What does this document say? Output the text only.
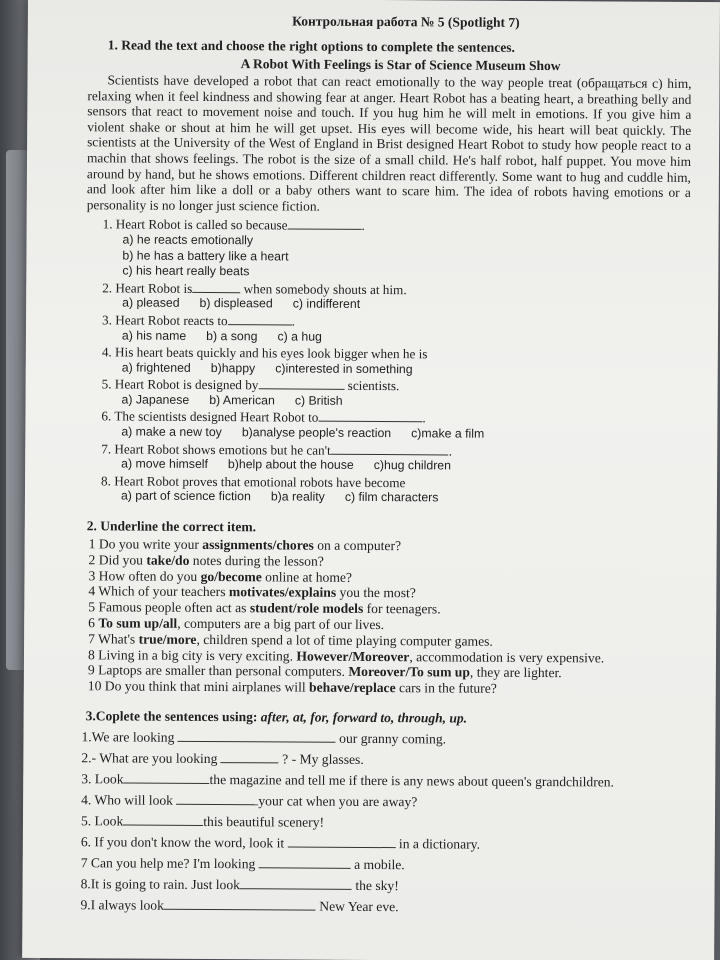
Контрольная работа № 5 (Spotlight 7)
1. Read the text and choose the right options to complete the sentences.
A Robot With Feelings is Star of Science Museum Show
Scientists have developed a robot that can react emotionally to the way people treat (обращаться с) him, relaxing when it feel kindness and showing fear at anger. Heart Robot has a beating heart, a breathing belly and sensors that react to movement noise and touch. If you hug him he will melt in emotions. If you give him a violent shake or shout at him he will get upset. His eyes will become wide, his heart will beat quickly. The scientists at the University of the West of England in Brist designed Heart Robot to study how people react to a machin that shows feelings. The robot is the size of a small child. He's half robot, half puppet. You move him around by hand, but he shows emotions. Different children react differently. Some want to hug and cuddle him, and look after him like a doll or a baby others want to scare him. The idea of robots having emotions or a personality is no longer just science fiction.
1. Heart Robot is called so because	.
a) he reacts emotionally
b) he has a battery like a heart
c) his heart really beats
2. Heart Robot is	when somebody shouts at him.
a) pleased b) displeased c) indifferent
3. Heart Robot reacts to	.
a) his name b) a song c) a hug
4. His heart beats quickly and his eyes look bigger when he is
a) frightened b)happy c)interested in something
5. Heart Robot is designed by	scientists.
a) Japanese b) American c) British
6. The scientists designed Heart Robot to	.
a) make a new toy b)analyse people's reaction c)make a film
7. Heart Robot shows emotions but he can't	.
a) move himself b)help about the house c)hug children
8. Heart Robot proves that emotional robots have become
a) part of science fiction b)a reality c) film characters
2. Underline the correct item.
1 Do you write your assignments/chores on a computer?
2 Did you take/do notes during the lesson?
3 How often do you go/become online at home?
4 Which of your teachers motivates/explains you the most?
5 Famous people often act as student/role models for teenagers.
6 To sum up/all, computers are a big part of our lives.
7 What's true/more, children spend a lot of time playing computer games.
8 Living in a big city is very exciting. However/Moreover, accommodation is very expensive.
9 Laptops are smaller than personal computers. Moreover/To sum up, they are lighter.
10 Do you think that mini airplanes will behave/replace cars in the future?
3.Coplete the sentences using: after, at, for, forward to, through, up.
1.We are looking	our granny coming.
2.- What are you looking	? - My glasses.
3. Look	the magazine and tell me if there is any news about queen's grandchildren.
4. Who will look	your cat when you are away?
5. Look	this beautiful scenery!
6. If you don't know the word, look it	in a dictionary.
7 Can you help me? I'm looking	a mobile.
8.It is going to rain. Just look	the sky!
9.I always look	New Year eve.
